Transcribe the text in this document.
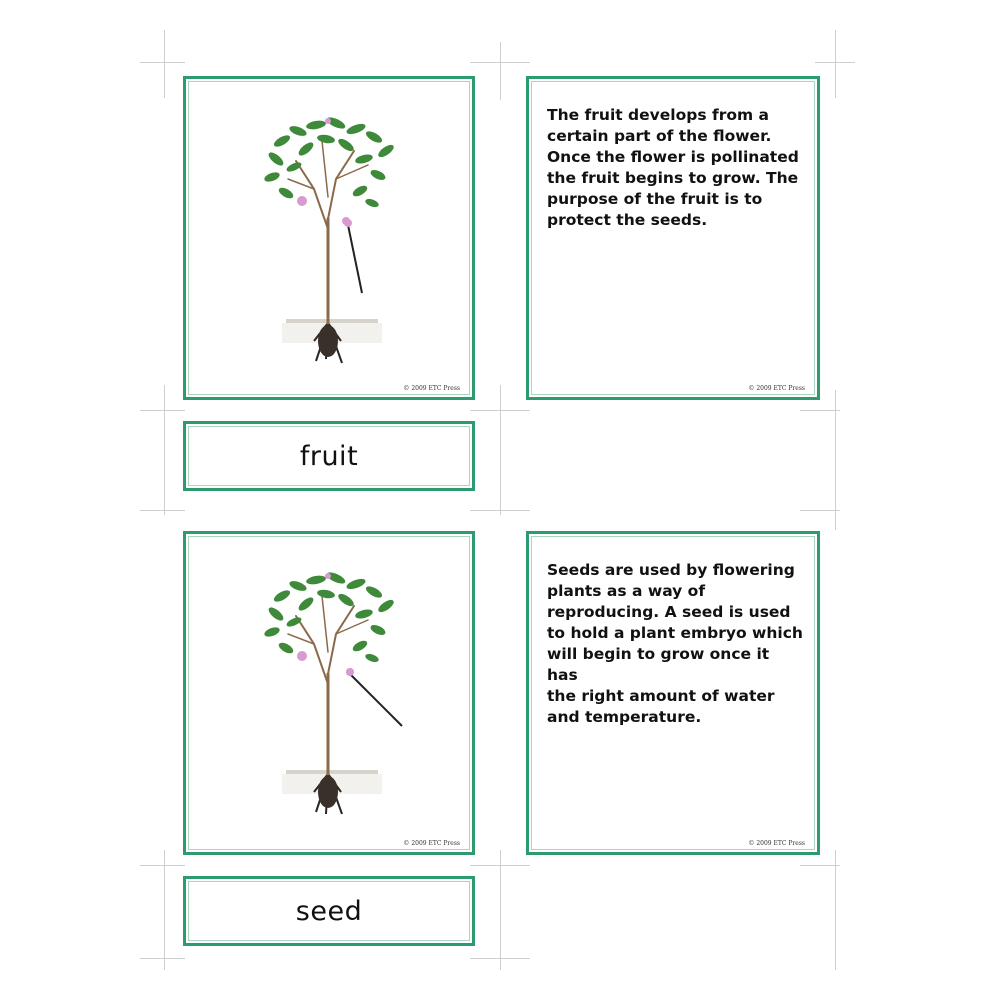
© 2009 ETC Press
The fruit develops from a
certain part of the flower.
Once the flower is pollinated
the fruit begins to grow. The
purpose of the fruit is to
protect the seeds.
© 2009 ETC Press
fruit
© 2009 ETC Press
Seeds are used by flowering
plants as a way of
reproducing. A seed is used
to hold a plant embryo which
will begin to grow once it has
the right amount of water
and temperature.
© 2009 ETC Press
seed
